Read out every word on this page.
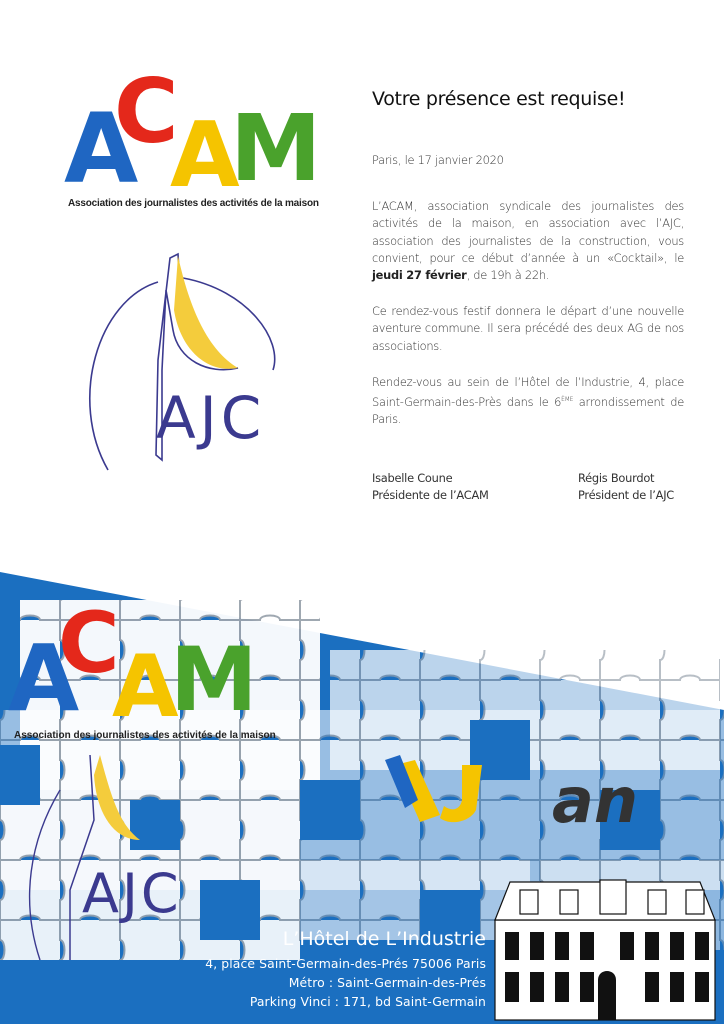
A
C
A
M
Association des journalistes des activités de la maison
AJC
Votre présence est requise!

Paris, le 17 janvier 2020

L’ACAM, association syndicale des journalistes des activités de la maison, en association avec l’AJC, association des journalistes de la construction, vous convient, pour ce début d’année à un «Cocktail», le jeudi 27 février, de 19h à 22h.

Ce rendez-vous festif donnera le départ d’une nouvelle aventure commune. Il sera précédé des deux AG de nos associations.

Rendez-vous au sein de l’Hôtel de l’Industrie, 4, place Saint-Germain-des-Près dans le 6ÈME arrondissement de Paris.

Isabelle Coune
Présidente de l’ACAM
Régis Bourdot
Président de l’AJC
A
C
A
M
Association des journalistes des activités de la maison
AJC
an
L’Hôtel de L’Industrie
4, place Saint-Germain-des-Prés 75006 Paris
Métro : Saint-Germain-des-Prés
Parking Vinci : 171, bd Saint-Germain
